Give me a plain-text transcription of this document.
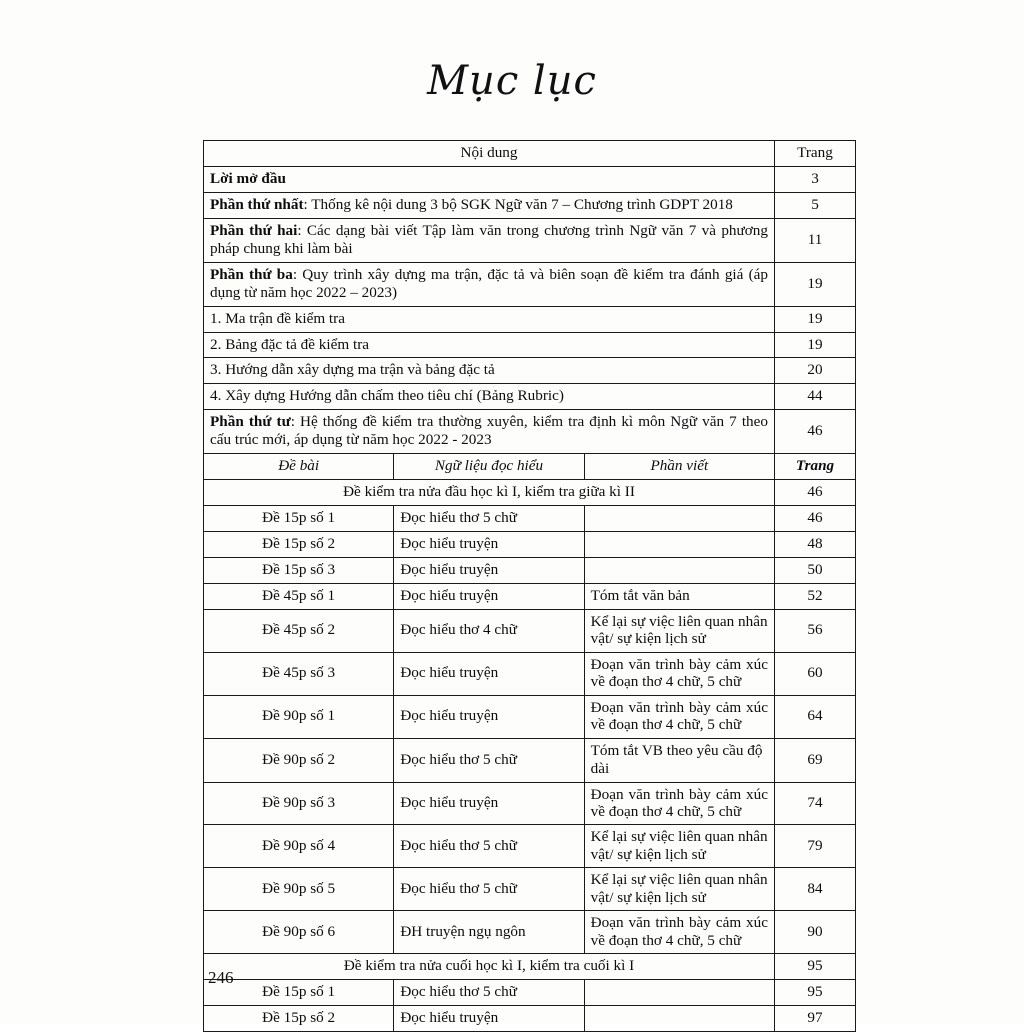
Mục lục
Nội dung			Trang
Lời mở đầu			3
Phần thứ nhất: Thống kê nội dung 3 bộ SGK Ngữ văn 7 – Chương trình GDPT 2018			5
Phần thứ hai: Các dạng bài viết Tập làm văn trong chương trình Ngữ văn 7 và phương pháp chung khi làm bài			11
Phần thứ ba: Quy trình xây dựng ma trận, đặc tả và biên soạn đề kiểm tra đánh giá (áp dụng từ năm học 2022 – 2023)			19
1. Ma trận đề kiểm tra			19
2. Bảng đặc tả đề kiểm tra			19
3. Hướng dẫn xây dựng ma trận và bảng đặc tả			20
4. Xây dựng Hướng dẫn chấm theo tiêu chí (Bảng Rubric)			44
Phần thứ tư: Hệ thống đề kiểm tra thường xuyên, kiểm tra định kì môn Ngữ văn 7 theo cấu trúc mới, áp dụng từ năm học 2022 - 2023			46
Đề bài	Ngữ liệu đọc hiểu	Phần viết	Trang
Đề kiểm tra nửa đầu học kì I, kiểm tra giữa kì II			46
Đề 15p số 1	Đọc hiểu thơ 5 chữ		46
Đề 15p số 2	Đọc hiểu truyện		48
Đề 15p số 3	Đọc hiểu truyện		50
Đề 45p số 1	Đọc hiểu truyện	Tóm tắt văn bản	52
Đề 45p số 2	Đọc hiểu thơ 4 chữ	Kể lại sự việc liên quan nhân vật/ sự kiện lịch sử	56
Đề 45p số 3	Đọc hiểu truyện	Đoạn văn trình bày cảm xúc về đoạn thơ 4 chữ, 5 chữ	60
Đề 90p số 1	Đọc hiểu truyện	Đoạn văn trình bày cảm xúc về đoạn thơ 4 chữ, 5 chữ	64
Đề 90p số 2	Đọc hiểu thơ 5 chữ	Tóm tắt VB theo yêu cầu độ dài	69
Đề 90p số 3	Đọc hiểu truyện	Đoạn văn trình bày cảm xúc về đoạn thơ 4 chữ, 5 chữ	74
Đề 90p số 4	Đọc hiểu thơ 5 chữ	Kể lại sự việc liên quan nhân vật/ sự kiện lịch sử	79
Đề 90p số 5	Đọc hiểu thơ 5 chữ	Kể lại sự việc liên quan nhân vật/ sự kiện lịch sử	84
Đề 90p số 6	ĐH truyện ngụ ngôn	Đoạn văn trình bày cảm xúc về đoạn thơ 4 chữ, 5 chữ	90
Đề kiểm tra nửa cuối học kì I, kiểm tra cuối kì I			95
Đề 15p số 1	Đọc hiểu thơ 5 chữ		95
Đề 15p số 2	Đọc hiểu truyện		97
246
